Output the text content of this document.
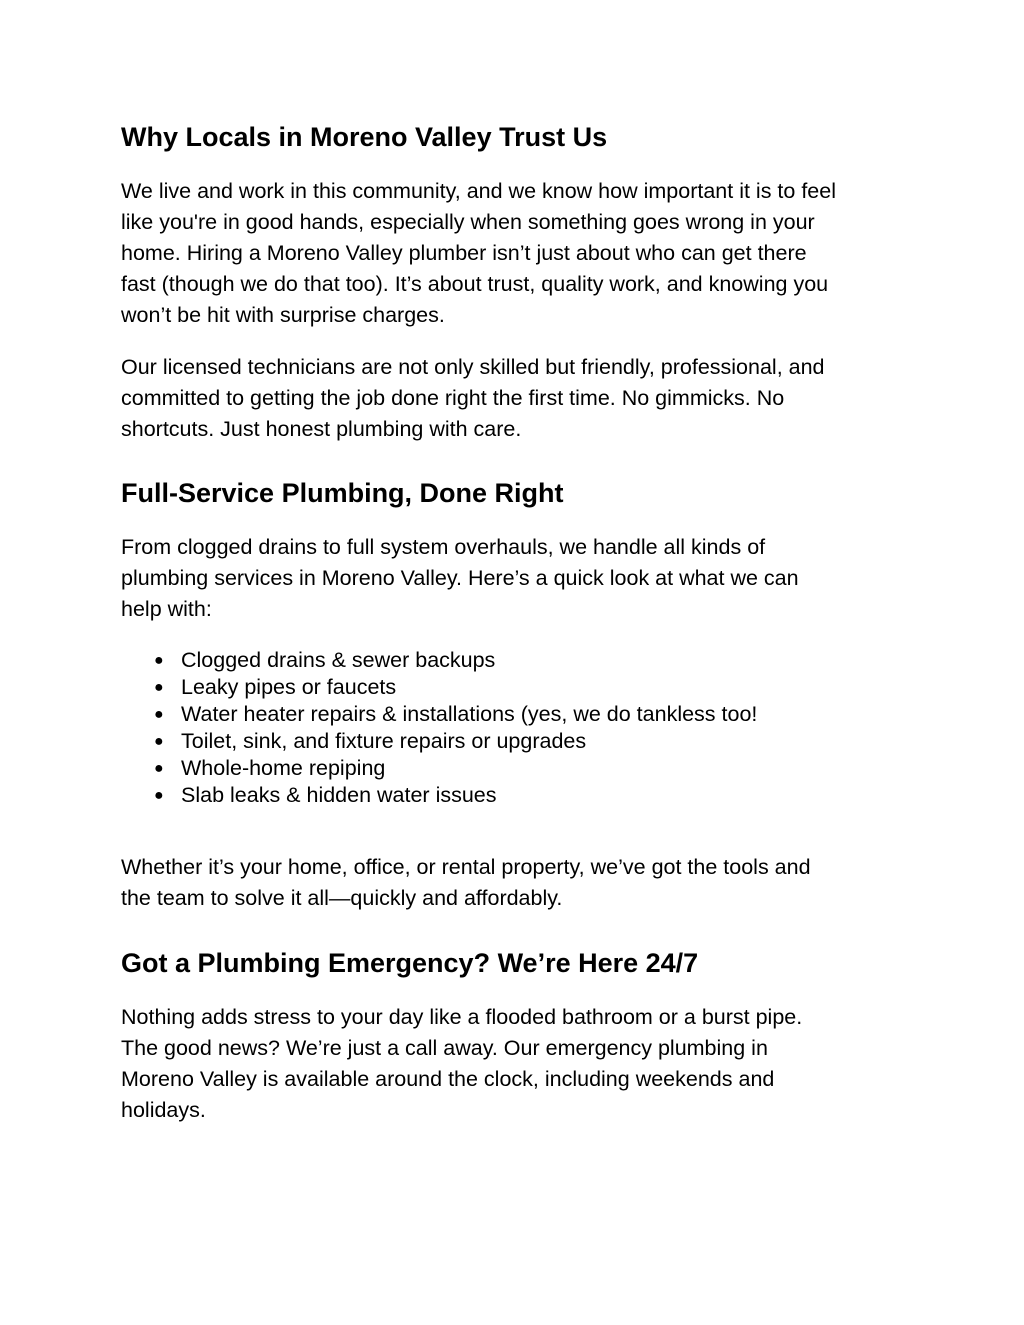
Why Locals in Moreno Valley Trust Us

We live and work in this community, and we know how important it is to feel
like you're in good hands, especially when something goes wrong in your
home. Hiring a Moreno Valley plumber isn’t just about who can get there
fast (though we do that too). It’s about trust, quality work, and knowing you
won’t be hit with surprise charges.

Our licensed technicians are not only skilled but friendly, professional, and
committed to getting the job done right the first time. No gimmicks. No
shortcuts. Just honest plumbing with care.

Full-Service Plumbing, Done Right

From clogged drains to full system overhauls, we handle all kinds of
plumbing services in Moreno Valley. Here’s a quick look at what we can
help with:

● Clogged drains & sewer backups
● Leaky pipes or faucets
● Water heater repairs & installations (yes, we do tankless too!
● Toilet, sink, and fixture repairs or upgrades
● Whole-home repiping
● Slab leaks & hidden water issues

Whether it’s your home, office, or rental property, we’ve got the tools and
the team to solve it all—quickly and affordably.

Got a Plumbing Emergency? We’re Here 24/7

Nothing adds stress to your day like a flooded bathroom or a burst pipe.
The good news? We’re just a call away. Our emergency plumbing in
Moreno Valley is available around the clock, including weekends and
holidays.
